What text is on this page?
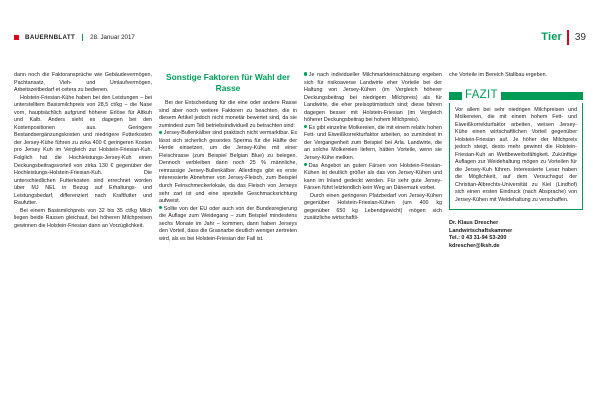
BAUERNBLATT 28. Januar 2017	Tier 39

dann noch die Faktoransprüche wie Gebäudevermögen, Pachtansatz, Vieh- und Umlaufvermögen, Arbeitszeitbedarf et cetera zu bedienen.

Holstein-Friesian-Kühe haben bei den Leistungen – bei unterstelltem Basismilchpreis von 28,5 ct/kg – die Nase vorn, hauptsächlich aufgrund höherer Erlöse für Altkuh und Kalb. Anders sieht es dagegen bei den Kostenpositionen aus. Geringere Bestandsergänzungskosten und niedrigere Futterkosten der Jersey-Kühe führen zu zirka 400 € geringeren Kosten pro Jersey Kuh im Vergleich zur Holstein-Friesian-Kuh. Folglich hat die Hochleistungs-Jersey-Kuh einen Deckungsbeitragsvorteil von zirka 130 € gegenüber der Hochleistungs-Holstein-Friesian-Kuh. Die unterschiedlichen Futterkosten sind errechnet worden über MJ NEL in Bezug auf Erhaltungs- und Leistungsbedarf, differenziert nach Kraftfutter und Raufutter.

Bei einem Basismilchpreis von 32 bis 35 ct/kg Milch liegen beide Rassen gleichauf, bei höheren Milchpreisen gewinnen die Holstein-Friesian dann an Vorzüglichkeit.

Sonstige Faktoren für Wahl der Rasse

Bei der Entscheidung für die eine oder andere Rasse sind aber noch weitere Faktoren zu beachten, die in diesem Artikel jedoch nicht monetär bewertet sind, da sie zumindest zum Teil betriebsindividuell zu betrachten sind:

Jersey-Bullenkälber sind praktisch nicht vermarktbar. Es lässt sich sicherlich gesextes Sperma für die Hälfte der Herde einsetzen, um die Jersey-Kühe mit einer Fleischrasse (zum Beispiel Belgian Blue) zu belegen. Dennoch verbleiben dann noch 25 % männliche, reinrassige Jersey-Bullenkälber. Allerdings gibt es erste interessierte Abnehmer von Jersey-Fleisch, zum Beispiel durch Feinschmeckerlokale, da das Fleisch von Jerseys sehr zart ist und eine spezielle Geschmacksrichtung aufweist.

Sollte von der EU oder auch von der Bundesregierung die Auflage zum Weidegang – zum Beispiel mindestens sechs Monate im Jahr – kommen, dann haben Jerseys den Vorteil, dass die Grasnarbe deutlich weniger zertreten wird, als es bei Holstein-Friesian der Fall ist.

Je nach individueller Milchmarkteinschätzung ergeben sich für risikoaverse Landwirte eher Vorteile bei der Haltung von Jersey-Kühen (im Vergleich höherer Deckungsbeitrag bei niedrigem Milchpreis) als für Landwirte, die eher preisoptimistisch sind; diese fahren dagegen besser mit Holstein-Friesian (im Vergleich höherer Deckungsbeitrag bei hohem Milchpreis).

Es gibt einzelne Molkereien, die mit einem relativ hohen Fett- und Eiweißkorrekturfaktor arbeiten, so zumindest in der Vergangenheit zum Beispiel bei Arla. Landwirte, die an solche Molkereien liefern, hätten Vorteile, wenn sie Jersey-Kühe melken.

Das Angebot an guten Färsen von Holstein-Friesian-Kühen ist deutlich größer als das von Jersey-Kühen und kann im Inland gedeckt werden. Für sehr gute Jersey-Färsen führt letztendlich kein Weg an Dänemark vorbei.

Durch einen geringeren Platzbedarf von Jersey-Kühen gegenüber Holstein-Friesian-Kühen (um 400 kg gegenüber 650 kg Lebendgewicht) mögen sich zusätzliche wirtschaftli-

che Vorteile im Bereich Stallbau ergeben.

FAZIT

Vor allem bei sehr niedrigen Milchpreisen und Molkereien, die mit einem hohem Fett- und Eiweißkorrekturfaktor arbeiten, weisen Jersey-Kühe einen wirtschaftlichen Vorteil gegenüber Holstein-Friesian auf. Je höher der Milchpreis jedoch steigt, desto mehr gewinnt die Holstein-Friesian-Kuh an Wettbewerbsfähigkeit. Zukünftige Auflagen zur Weidehaltung mögen zu Vorteilen für die Jersey-Kuh führen. Interessierte Leser haben die Möglichkeit, auf dem Versuchsgut der Christian-Albrechts-Universität zu Kiel (Lindhof) sich einen ersten Eindruck (nach Absprache) von Jersey-Kühen mit Weidehaltung zu verschaffen.

Dr. Klaus Drescher
Landwirtschaftskammer
Tel.: 0 43 31-94 53-200
kdrescher@lksh.de
